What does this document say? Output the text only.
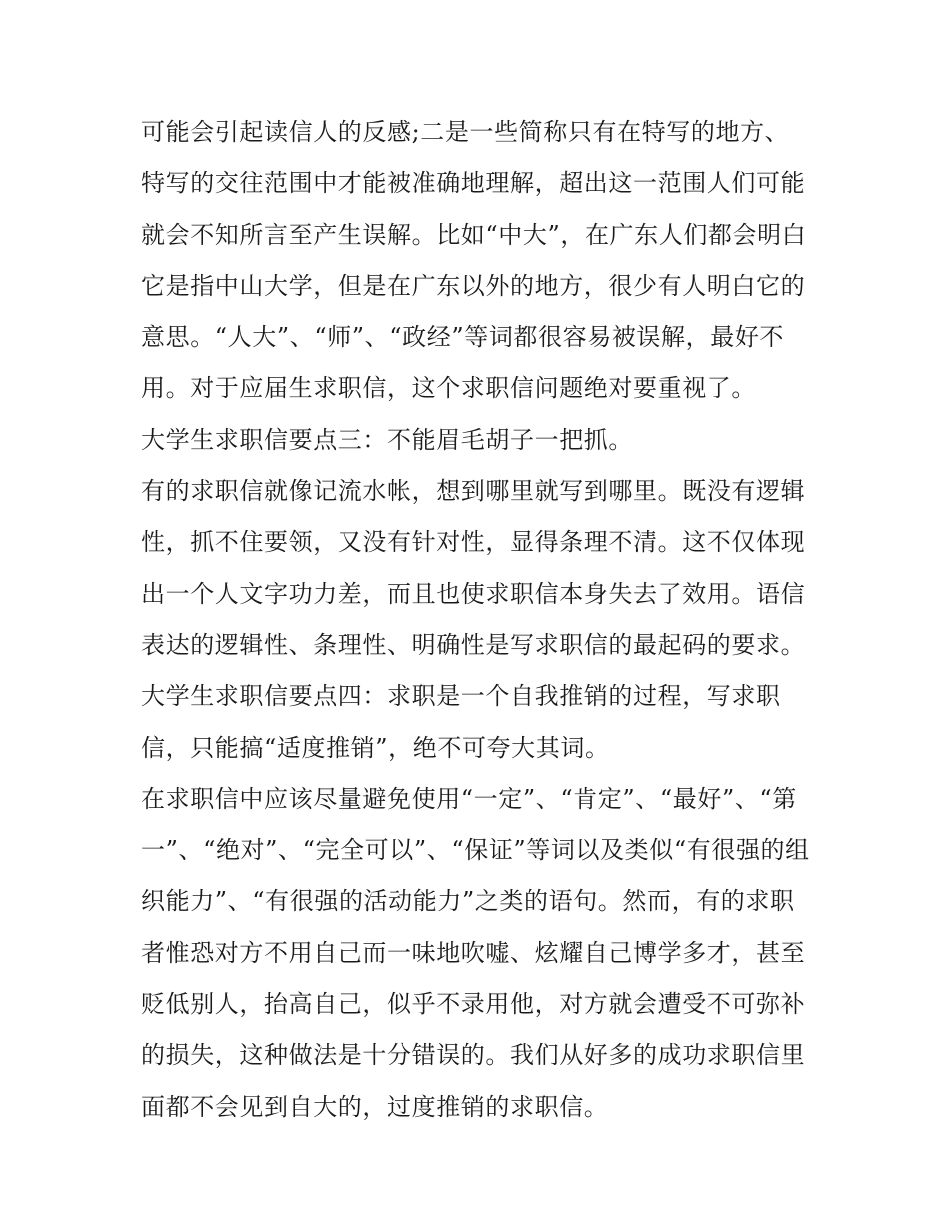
可能会引起读信人的反感;二是一些简称只有在特写的地方、
特写的交往范围中才能被准确地理解，超出这一范围人们可能
就会不知所言至产生误解。比如“中大”，在广东人们都会明白
它是指中山大学，但是在广东以外的地方，很少有人明白它的
意思。“人大”、“师”、“政经”等词都很容易被误解，最好不
用。对于应届生求职信，这个求职信问题绝对要重视了。
大学生求职信要点三：不能眉毛胡子一把抓。
有的求职信就像记流水帐，想到哪里就写到哪里。既没有逻辑
性，抓不住要领，又没有针对性，显得条理不清。这不仅体现
出一个人文字功力差，而且也使求职信本身失去了效用。语信
表达的逻辑性、条理性、明确性是写求职信的最起码的要求。
大学生求职信要点四：求职是一个自我推销的过程，写求职
信，只能搞“适度推销”，绝不可夸大其词。
在求职信中应该尽量避免使用“一定”、“肯定”、“最好”、“第
一”、“绝对”、“完全可以”、“保证”等词以及类似“有很强的组
织能力”、“有很强的活动能力”之类的语句。然而，有的求职
者惟恐对方不用自己而一味地吹嘘、炫耀自己博学多才，甚至
贬低别人，抬高自己，似乎不录用他，对方就会遭受不可弥补
的损失，这种做法是十分错误的。我们从好多的成功求职信里
面都不会见到自大的，过度推销的求职信。
